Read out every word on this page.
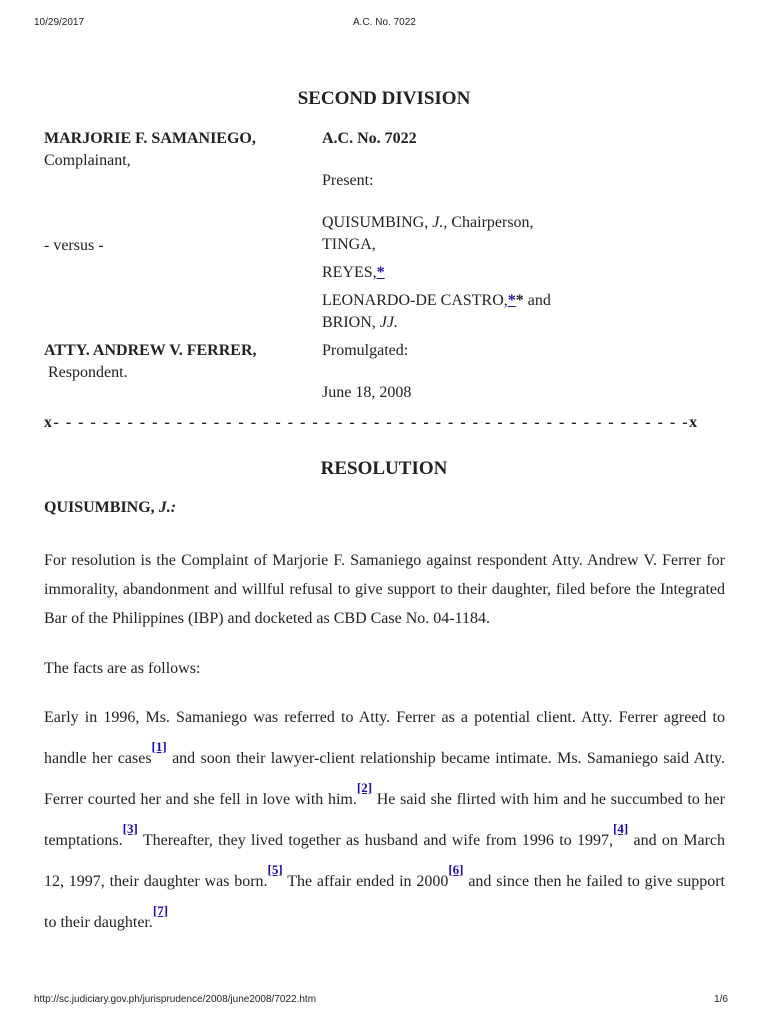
10/29/2017	A.C. No. 7022
SECOND DIVISION
MARJORIE F. SAMANIEGO,
Complainant,
- versus -
ATTY. ANDREW V. FERRER,
Respondent.
A.C. No. 7022
Present:
QUISUMBING, J., Chairperson,
TINGA,
REYES,*
LEONARDO-DE CASTRO,** and
BRION, JJ.
Promulgated:
June 18, 2008
x- - - - - - - - - - - - - - - - - - - - - - - - - - - - - - - - - - - - - - - - - - - - - - - - - - - -x
RESOLUTION
QUISUMBING, J.:
For resolution is the Complaint of Marjorie F. Samaniego against respondent Atty. Andrew V. Ferrer for immorality, abandonment and willful refusal to give support to their daughter, filed before the Integrated Bar of the Philippines (IBP) and docketed as CBD Case No. 04-1184.
The facts are as follows:
Early in 1996, Ms. Samaniego was referred to Atty. Ferrer as a potential client. Atty. Ferrer agreed to handle her cases[1] and soon their lawyer-client relationship became intimate. Ms. Samaniego said Atty. Ferrer courted her and she fell in love with him.[2] He said she flirted with him and he succumbed to her temptations.[3] Thereafter, they lived together as husband and wife from 1996 to 1997,[4] and on March 12, 1997, their daughter was born.[5] The affair ended in 2000[6] and since then he failed to give support to their daughter.[7]
http://sc.judiciary.gov.ph/jurisprudence/2008/june2008/7022.htm	1/6
